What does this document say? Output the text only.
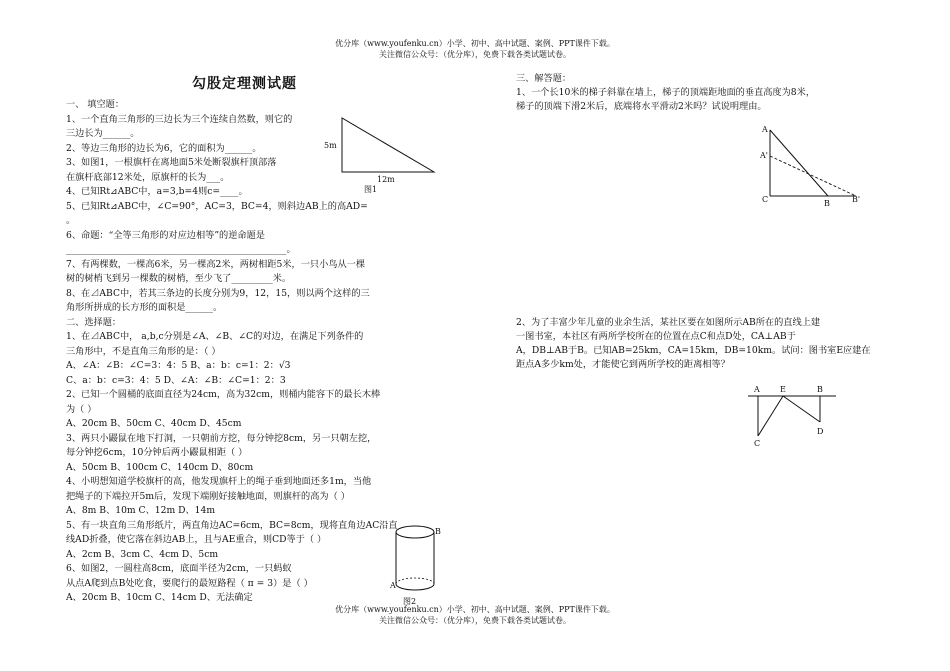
优分库（www.youfenku.cn）小学、初中、高中试题、案例、PPT课件下载。
关注微信公众号：（优分库），免费下载各类试题试卷。
勾股定理测试题
一、 填空题：
1、一个直角三角形的三边长为三个连续自然数，则它的
三边长为______。
2、等边三角形的边长为6，它的面积为______。
3、如图1，一根旗杆在离地面5米处断裂旗杆顶部落
在旗杆底部12米处，原旗杆的长为___。
4、已知Rt⊿ABC中，a=3,b=4则c=____。
5、已知Rt⊿ABC中，∠C=90°，AC=3，BC=4，则斜边AB上的高AD=
。
6、命题：“全等三角形的对应边相等”的逆命题是
________________________________________________。
7、有两棵数，一棵高6米，另一棵高2米，两树相距5米，一只小鸟从一棵
树的树梢飞到另一棵数的树梢，至少飞了_________米。
8、在⊿ABC中，若其三条边的长度分别为9，12，15，则以两个这样的三
角形所拼成的长方形的面积是______。
二、选择题：
1、在⊿ABC中， a,b,c分别是∠A、∠B、∠C的对边，在满足下列条件的
三角形中，不是直角三角形的是：（ ）
A、∠A：∠B：∠C=3：4：5 B、a：b：c=1：2：√3
C、a：b：c=3：4：5 D、∠A：∠B：∠C=1：2：3
2、已知一个圆桶的底面直径为24cm，高为32cm，则桶内能容下的最长木棒
为（ ）
A、20cm B、50cm C、40cm D、45cm
3、两只小鼹鼠在地下打洞，一只朝前方挖，每分钟挖8cm，另一只朝左挖，
每分钟挖6cm，10分钟后两小鼹鼠相距（ ）
A、50cm B、100cm C、140cm D、80cm
4、小明想知道学校旗杆的高，他发现旗杆上的绳子垂到地面还多1m，当他
把绳子的下端拉开5m后，发现下端刚好接触地面，则旗杆的高为（ ）
A、8m B、10m C、12m D、14m
5、有一块直角三角形纸片，两直角边AC=6cm，BC=8cm，现将直角边AC沿直
线AD折叠，使它落在斜边AB上，且与AE重合，则CD等于（ ）
A、2cm B、3cm C、4cm D、5cm
6、如图2，一圆柱高8cm，底面半径为2cm，一只蚂蚁
从点A爬到点B处吃食，要爬行的最短路程（ π = 3）是（ ）
A、20cm B、10cm C、14cm D、无法确定
5m
12m
图1
B
A
图2
三、解答题：
1、一个长10米的梯子斜靠在墙上，梯子的顶端距地面的垂直高度为8米，
梯子的顶端下滑2米后，底端将水平滑动2米吗？试说明理由。
A
A'
C	B	B'
2、为了丰富少年儿童的业余生活，某社区要在如图所示AB所在的直线上建
一图书室，本社区有两所学校所在的位置在点C和点D处，CA⊥AB于
A，DB⊥AB于B。已知AB=25km，CA=15km，DB=10km。试问：图书室E应建在
距点A多少km处，才能使它到两所学校的距离相等？
A	E	B
C
D
优分库（www.youfenku.cn）小学、初中、高中试题、案例、PPT课件下载。
关注微信公众号：（优分库），免费下载各类试题试卷。
